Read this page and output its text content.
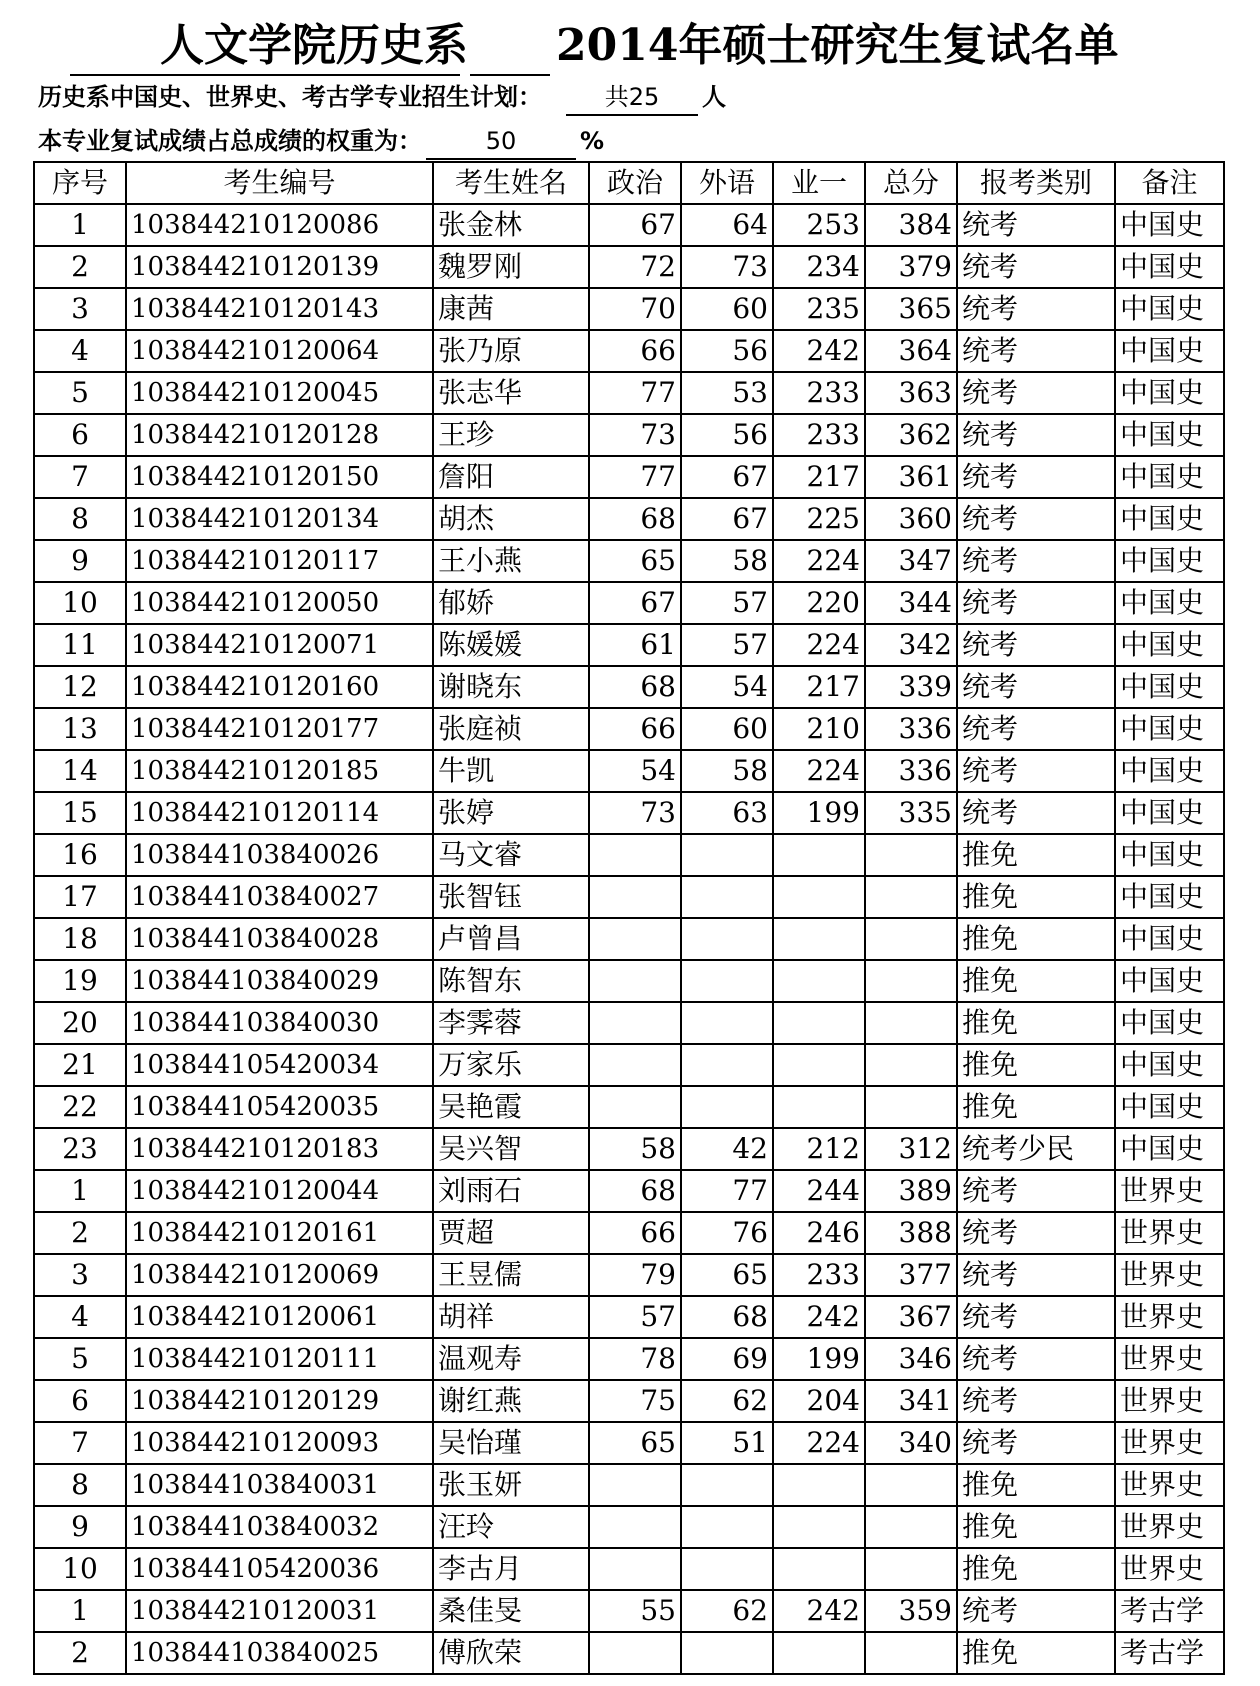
人文学院历史系 2014年硕士研究生复试名单
历史系中国史、世界史、考古学专业招生计划：	共25 人
本专业复试成绩占总成绩的权重为：	50	%
序号	考生编号	考生姓名	政治	外语	业一	总分	报考类别	备注
1	103844210120086	张金林	67	64	253	384	统考	中国史
2	103844210120139	魏罗刚	72	73	234	379	统考	中国史
3	103844210120143	康茜	70	60	235	365	统考	中国史
4	103844210120064	张乃原	66	56	242	364	统考	中国史
5	103844210120045	张志华	77	53	233	363	统考	中国史
6	103844210120128	王珍	73	56	233	362	统考	中国史
7	103844210120150	詹阳	77	67	217	361	统考	中国史
8	103844210120134	胡杰	68	67	225	360	统考	中国史
9	103844210120117	王小燕	65	58	224	347	统考	中国史
10	103844210120050	郁娇	67	57	220	344	统考	中国史
11	103844210120071	陈媛媛	61	57	224	342	统考	中国史
12	103844210120160	谢晓东	68	54	217	339	统考	中国史
13	103844210120177	张庭祯	66	60	210	336	统考	中国史
14	103844210120185	牛凯	54	58	224	336	统考	中国史
15	103844210120114	张婷	73	63	199	335	统考	中国史
16	103844103840026	马文睿					推免	中国史
17	103844103840027	张智钰					推免	中国史
18	103844103840028	卢曾昌					推免	中国史
19	103844103840029	陈智东					推免	中国史
20	103844103840030	李霁蓉					推免	中国史
21	103844105420034	万家乐					推免	中国史
22	103844105420035	吴艳霞					推免	中国史
23	103844210120183	吴兴智	58	42	212	312	统考少民	中国史
1	103844210120044	刘雨石	68	77	244	389	统考	世界史
2	103844210120161	贾超	66	76	246	388	统考	世界史
3	103844210120069	王昱儒	79	65	233	377	统考	世界史
4	103844210120061	胡祥	57	68	242	367	统考	世界史
5	103844210120111	温观寿	78	69	199	346	统考	世界史
6	103844210120129	谢红燕	75	62	204	341	统考	世界史
7	103844210120093	吴怡瑾	65	51	224	340	统考	世界史
8	103844103840031	张玉妍					推免	世界史
9	103844103840032	汪玲					推免	世界史
10	103844105420036	李古月					推免	世界史
1	103844210120031	桑佳旻	55	62	242	359	统考	考古学
2	103844103840025	傅欣荣					推免	考古学
